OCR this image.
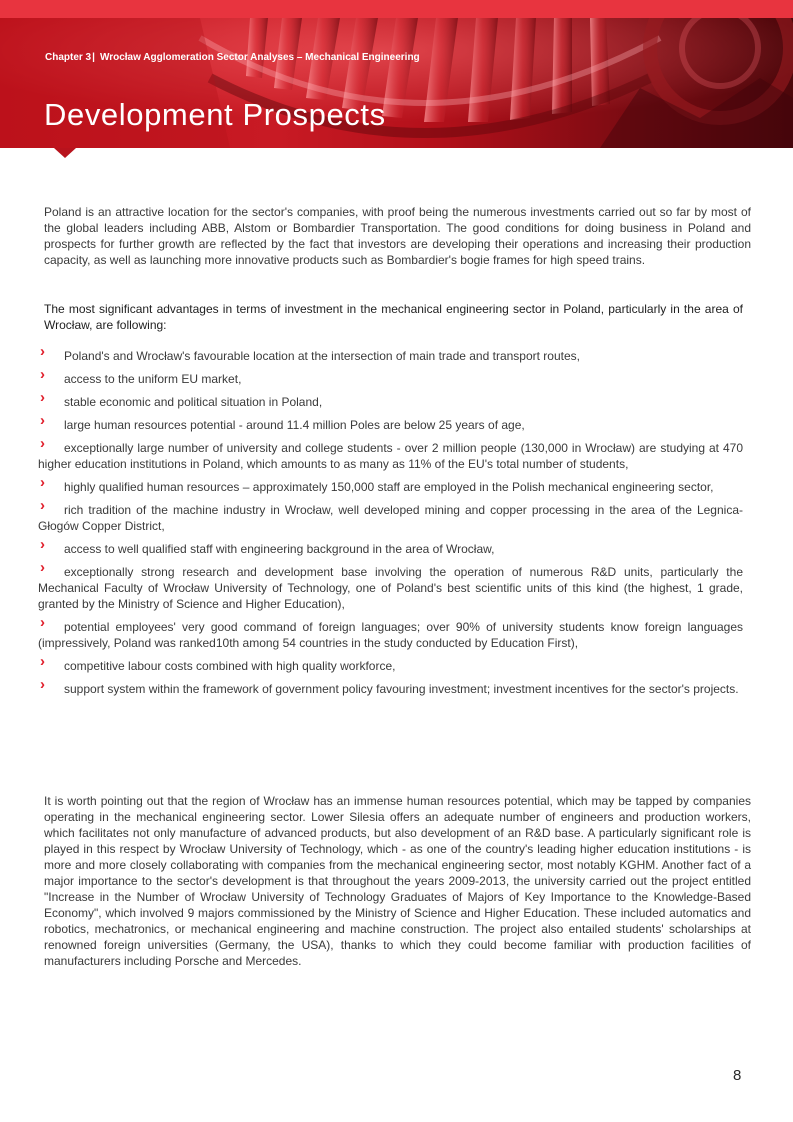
Chapter 3| Wrocław Agglomeration Sector Analyses – Mechanical Engineering
Development Prospects

Poland is an attractive location for the sector's companies, with proof being the numerous investments carried out so far by most of the global leaders including ABB, Alstom or Bombardier Transportation. The good conditions for doing business in Poland and prospects for further growth are reflected by the fact that investors are developing their operations and increasing their production capacity, as well as launching more innovative products such as Bombardier's bogie frames for high speed trains.

The most significant advantages in terms of investment in the mechanical engineering sector in Poland, particularly in the area of Wrocław, are following:

›	Poland's and Wrocław's favourable location at the intersection of main trade and transport routes,
›	access to the uniform EU market,
›	stable economic and political situation in Poland,
›	large human resources potential - around 11.4 million Poles are below 25 years of age,
›	exceptionally large number of university and college students - over 2 million people (130,000 in Wrocław) are studying at 470 higher education institutions in Poland, which amounts to as many as 11% of the EU's total number of students,
›	highly qualified human resources – approximately 150,000 staff are employed in the Polish mechanical engineering sector,
›	rich tradition of the machine industry in Wrocław, well developed mining and copper processing in the area of the Legnica-Głogów Copper District,
›	access to well qualified staff with engineering background in the area of Wrocław,
›	exceptionally strong research and development base involving the operation of numerous R&D units, particularly the Mechanical Faculty of Wrocław University of Technology, one of Poland's best scientific units of this kind (the highest, 1 grade, granted by the Ministry of Science and Higher Education),
›	potential employees' very good command of foreign languages; over 90% of university students know foreign languages (impressively, Poland was ranked10th among 54 countries in the study conducted by Education First),
›	competitive labour costs combined with high quality workforce,
›	support system within the framework of government policy favouring investment; investment incentives for the sector's projects.

It is worth pointing out that the region of Wrocław has an immense human resources potential, which may be tapped by companies operating in the mechanical engineering sector. Lower Silesia offers an adequate number of engineers and production workers, which facilitates not only manufacture of advanced products, but also development of an R&D base. A particularly significant role is played in this respect by Wrocław University of Technology, which - as one of the country's leading higher education institutions - is more and more closely collaborating with companies from the mechanical engineering sector, most notably KGHM. Another fact of a major importance to the sector's development is that throughout the years 2009-2013, the university carried out the project entitled "Increase in the Number of Wrocław University of Technology Graduates of Majors of Key Importance to the Knowledge-Based Economy", which involved 9 majors commissioned by the Ministry of Science and Higher Education. These included automatics and robotics, mechatronics, or mechanical engineering and machine construction. The project also entailed students' scholarships at renowned foreign universities (Germany, the USA), thanks to which they could become familiar with production facilities of manufacturers including Porsche and Mercedes.

8
